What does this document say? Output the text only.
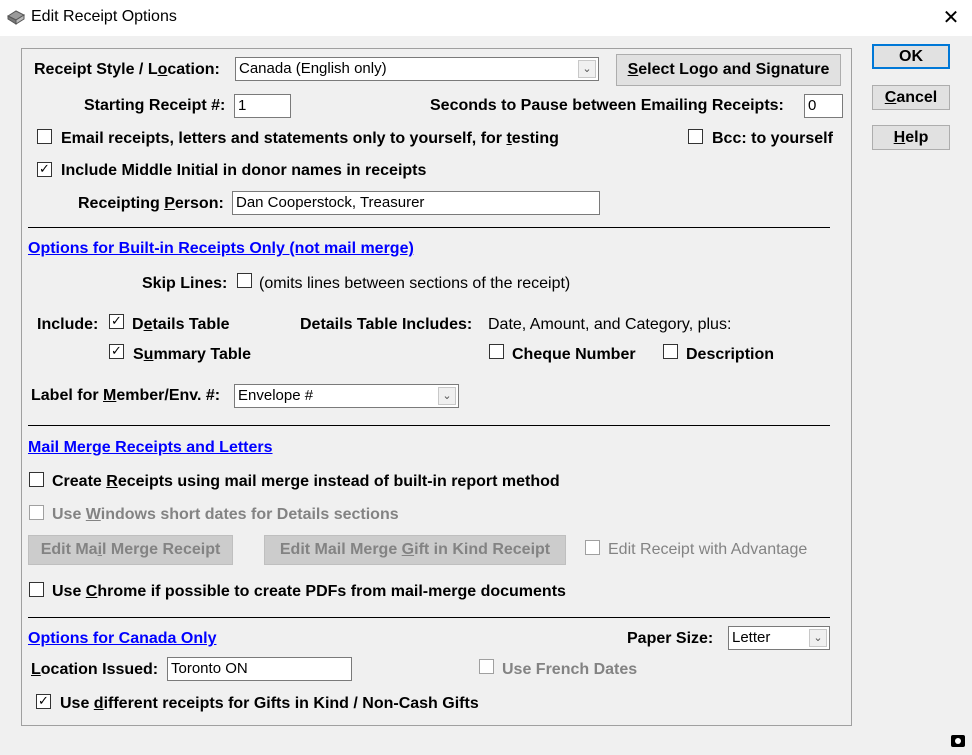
Edit Receipt Options	✕
OK
Cancel
Help
Receipt Style / Location: Canada (English only)	⌄	Select Logo and Signature
Starting Receipt #: 1	Seconds to Pause between Emailing Receipts: 0
Email receipts, letters and statements only to yourself, for testing	Bcc: to yourself
✓
Include Middle Initial in donor names in receipts
Receipting Person: Dan Cooperstock, Treasurer
Options for Built-in Receipts Only (not mail merge)
Skip Lines: (omits lines between sections of the receipt)
Include:
✓ Details Table	Details Table Includes: Date, Amount, and Category, plus:
✓
Summary Table	Cheque Number	Description
Label for Member/Env. #: Envelope #	⌄
Mail Merge Receipts and Letters
Create Receipts using mail merge instead of built-in report method
Use Windows short dates for Details sections
Edit Mail Merge Receipt	Edit Mail Merge Gift in Kind Receipt	Edit Receipt with Advantage
Use Chrome if possible to create PDFs from mail-merge documents
Options for Canada Only	Paper Size: Letter	⌄
Location Issued: Toronto ON	Use French Dates
✓
Use different receipts for Gifts in Kind / Non-Cash Gifts
